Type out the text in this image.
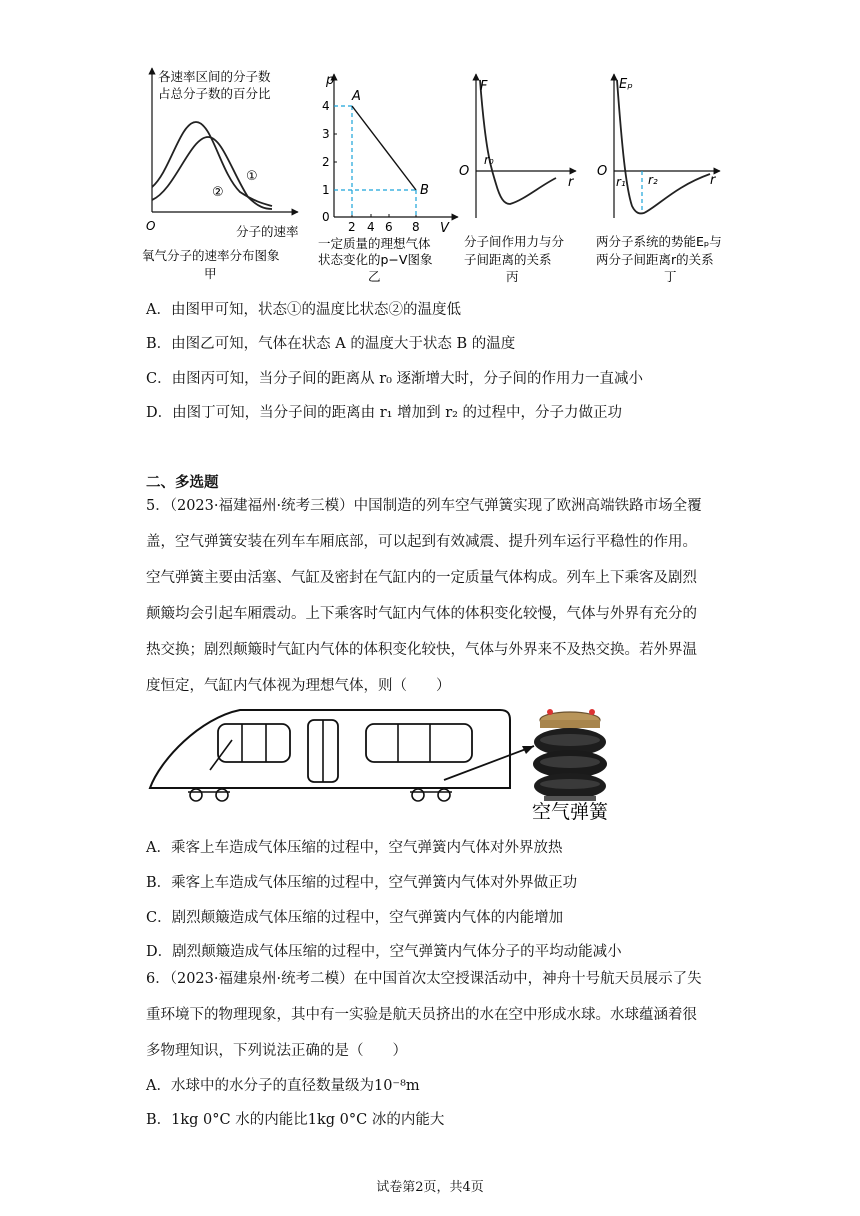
各速率区间的分子数
占总分子数的百分比
O	分子的速率
①
②
氧气分子的速率分布图象
甲
p
V
A
B
4
3
2
1
0
2 4 6 8
一定质量的理想气体
状态变化的p−V图象
乙
F
r
O
r₀
分子间作用力与分
子间距离的关系
丙
Eₚ
r
O
r₁ r₂
两分子系统的势能Eₚ与
两分子间距离r的关系
丁
A．由图甲可知，状态①的温度比状态②的温度低
B．由图乙可知，气体在状态 A 的温度大于状态 B 的温度
C．由图丙可知，当分子间的距离从 r₀ 逐渐增大时，分子间的作用力一直减小
D．由图丁可知，当分子间的距离由 r₁ 增加到 r₂ 的过程中，分子力做正功
二、多选题
5．（2023·福建福州·统考三模）中国制造的列车空气弹簧实现了欧洲高端铁路市场全覆
盖，空气弹簧安装在列车车厢底部，可以起到有效减震、提升列车运行平稳性的作用。
空气弹簧主要由活塞、气缸及密封在气缸内的一定质量气体构成。列车上下乘客及剧烈
颠簸均会引起车厢震动。上下乘客时气缸内气体的体积变化较慢，气体与外界有充分的
热交换；剧烈颠簸时气缸内气体的体积变化较快，气体与外界来不及热交换。若外界温
度恒定，气缸内气体视为理想气体，则（　　）
空气弹簧
A．乘客上车造成气体压缩的过程中，空气弹簧内气体对外界放热
B．乘客上车造成气体压缩的过程中，空气弹簧内气体对外界做正功
C．剧烈颠簸造成气体压缩的过程中，空气弹簧内气体的内能增加
D．剧烈颠簸造成气体压缩的过程中，空气弹簧内气体分子的平均动能减小
6．（2023·福建泉州·统考二模）在中国首次太空授课活动中，神舟十号航天员展示了失
重环境下的物理现象，其中有一实验是航天员挤出的水在空中形成水球。水球蕴涵着很
多物理知识，下列说法正确的是（　　）
A．水球中的水分子的直径数量级为10⁻⁸m
B．1kg 0°C 水的内能比1kg 0°C 冰的内能大
试卷第2页，共4页
